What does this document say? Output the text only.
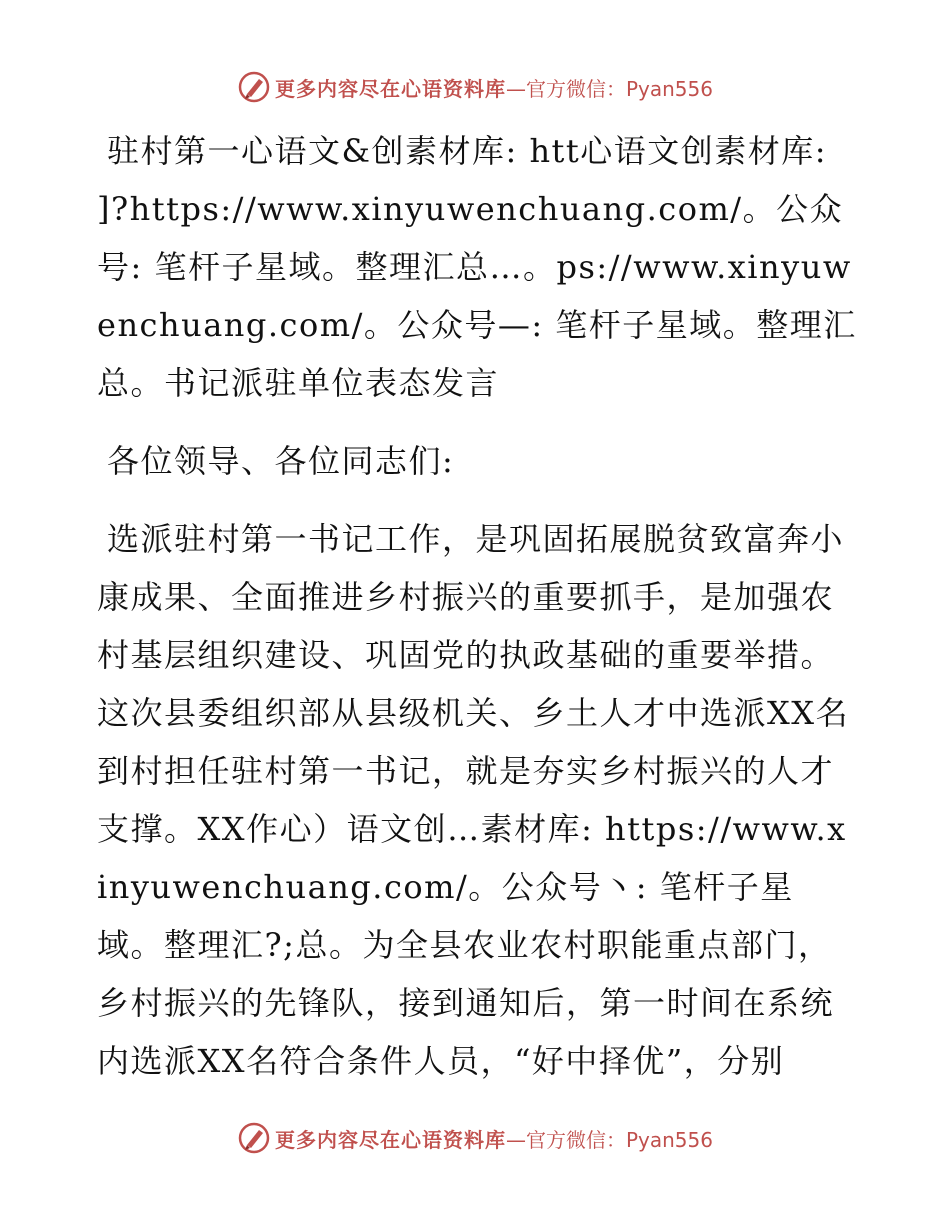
更多内容尽在心语资料库 —官方微信：Pyan556

驻村第一心语文&创素材库: htt心语文创素材库: ]?https://www.xinyuwenchuang.com/。公众号: 笔杆子星域。整理汇总…。ps://www.xinyuwenchuang.com/。公众号—: 笔杆子星域。整理汇总。书记派驻单位表态发言

各位领导、各位同志们:

选派驻村第一书记工作，是巩固拓展脱贫致富奔小康成果、全面推进乡村振兴的重要抓手，是加强农村基层组织建设、巩固党的执政基础的重要举措。这次县委组织部从县级机关、乡土人才中选派XX名到村担任驻村第一书记，就是夯实乡村振兴的人才支撑。XX作心）语文创…素材库: https://www.xinyuwenchuang.com/。公众号丶: 笔杆子星域。整理汇?;总。为全县农业农村职能重点部门，乡村振兴的先锋队，接到通知后，第一时间在系统内选派XX名符合条件人员，“好中择优”，分别

更多内容尽在心语资料库 —官方微信：Pyan556
